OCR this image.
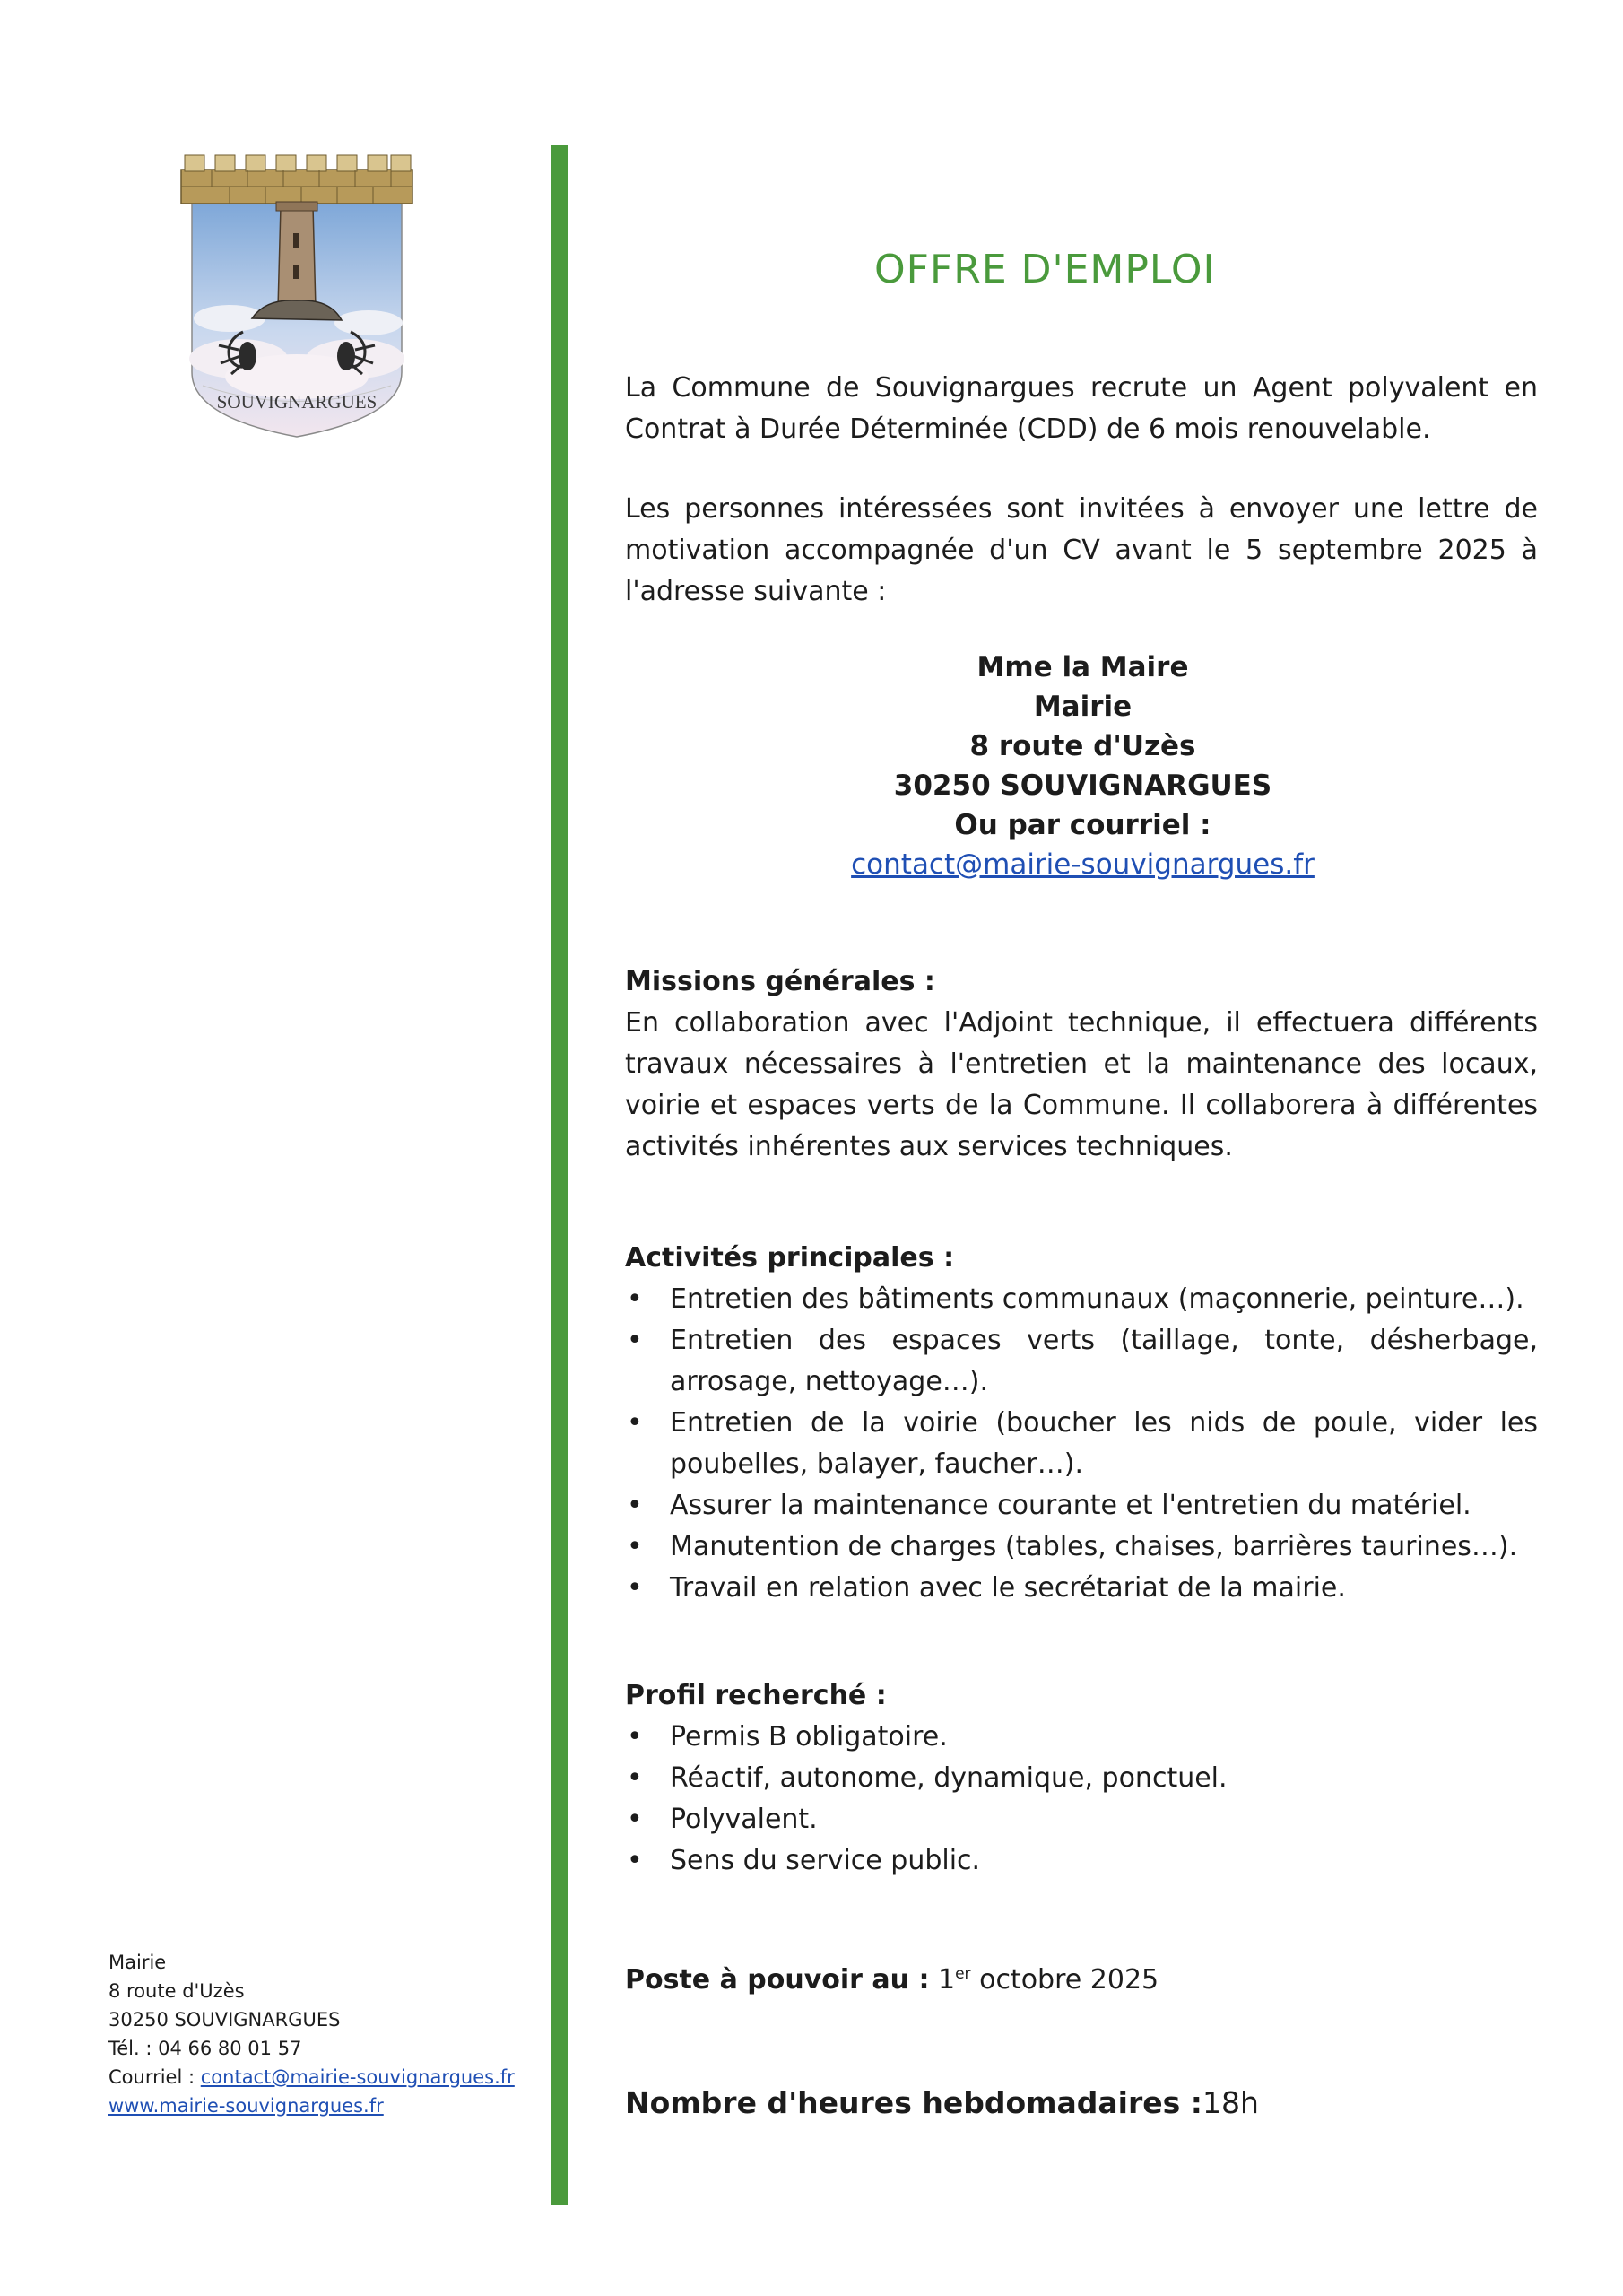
SOUVIGNARGUES
OFFRE D'EMPLOI
La Commune de Souvignargues recrute un Agent polyvalent en Contrat à Durée Déterminée (CDD) de 6 mois renouvelable.
Les personnes intéressées sont invitées à envoyer une lettre de motivation accompagnée d'un CV avant le 5 septembre 2025 à l'adresse suivante :
Mme la Maire
Mairie
8 route d'Uzès
30250 SOUVIGNARGUES
Ou par courriel :
contact@mairie-souvignargues.fr
Missions générales :
En collaboration avec l'Adjoint technique, il effectuera différents travaux nécessaires à l'entretien et la maintenance des locaux, voirie et espaces verts de la Commune. Il collaborera à différentes activités inhérentes aux services techniques.
Activités principales :
• Entretien des bâtiments communaux (maçonnerie, peinture…).
• Entretien des espaces verts (taillage, tonte, désherbage, arrosage, nettoyage…).
• Entretien de la voirie (boucher les nids de poule, vider les poubelles, balayer, faucher…).
• Assurer la maintenance courante et l'entretien du matériel.
• Manutention de charges (tables, chaises, barrières taurines…).
• Travail en relation avec le secrétariat de la mairie.
Profil recherché :
• Permis B obligatoire.
• Réactif, autonome, dynamique, ponctuel.
• Polyvalent.
• Sens du service public.
Poste à pouvoir au : 1er octobre 2025
Nombre d'heures hebdomadaires :18h
Mairie
8 route d'Uzès
30250 SOUVIGNARGUES
Tél. : 04 66 80 01 57
Courriel : contact@mairie-souvignargues.fr
www.mairie-souvignargues.fr
